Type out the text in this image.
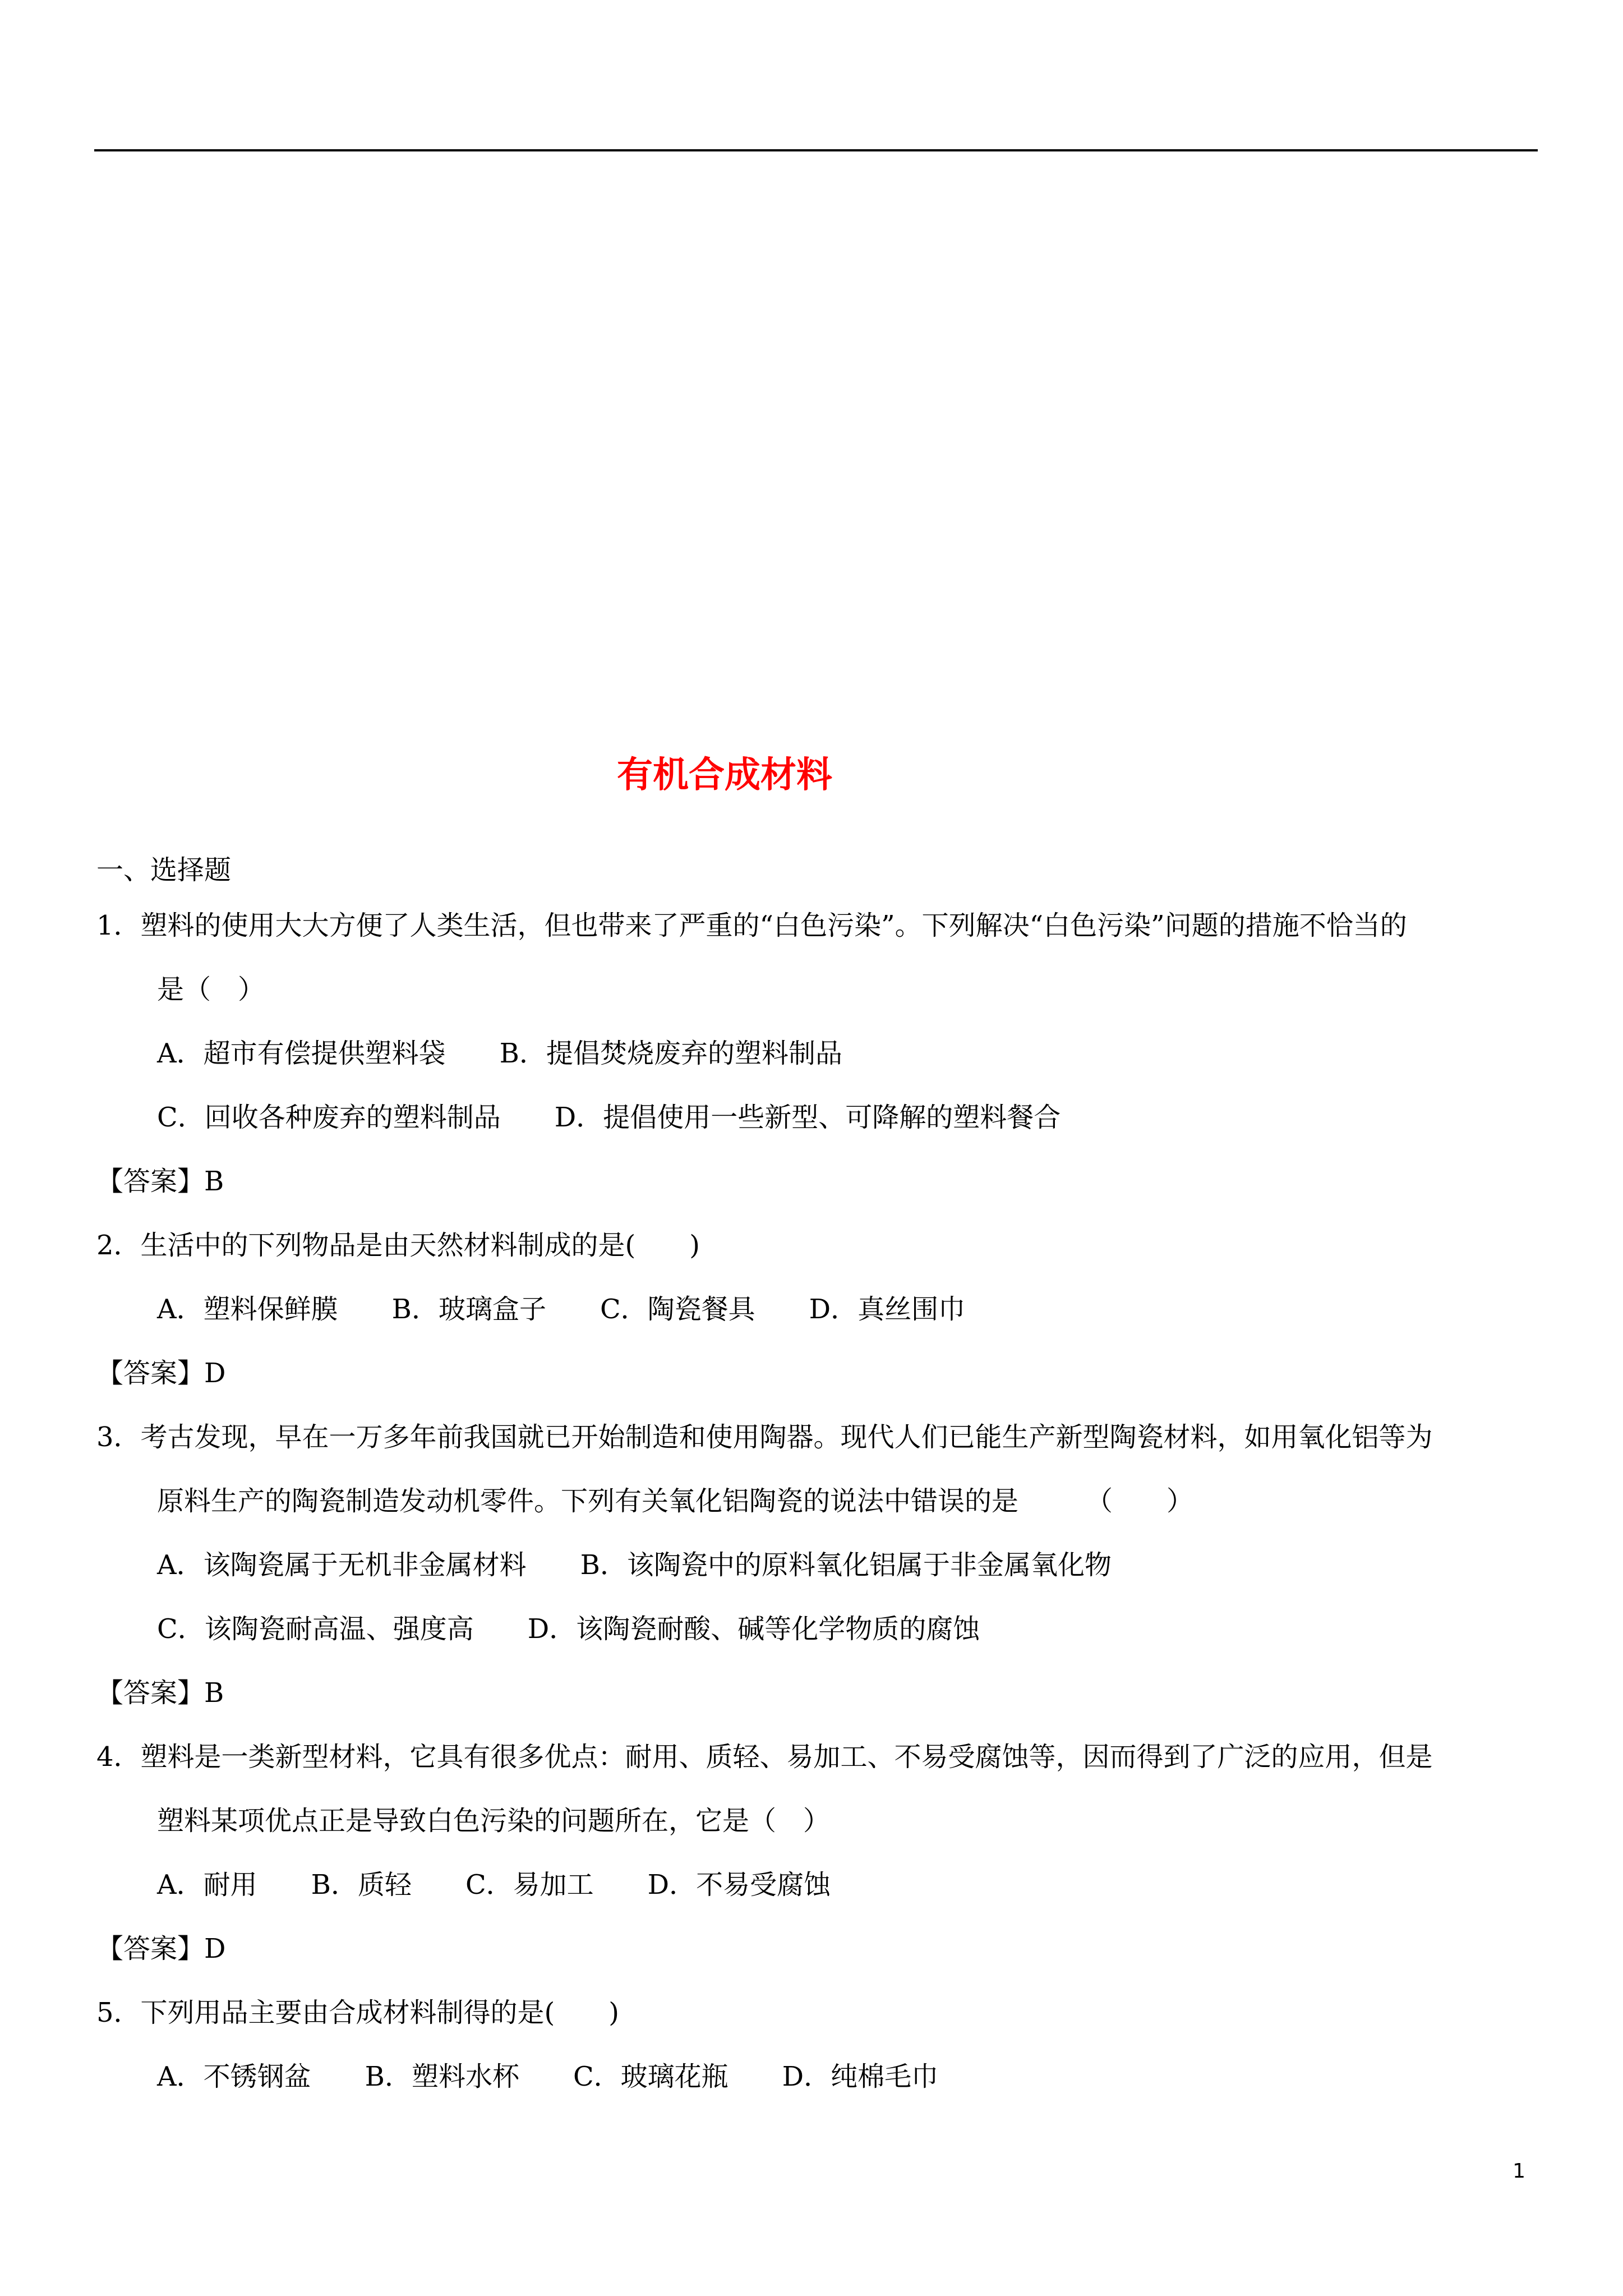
有机合成材料
一、选择题
1．塑料的使用大大方便了人类生活，但也带来了严重的“白色污染”。下列解决“白色污染”问题的措施不恰当的
是（　）
A．超市有偿提供塑料袋　　B．提倡焚烧废弃的塑料制品
C．回收各种废弃的塑料制品　　D．提倡使用一些新型、可降解的塑料餐合
【答案】B
2．生活中的下列物品是由天然材料制成的是(　　)
A．塑料保鲜膜　　B．玻璃盒子　　C．陶瓷餐具　　D．真丝围巾
【答案】D
3．考古发现，早在一万多年前我国就已开始制造和使用陶器。现代人们已能生产新型陶瓷材料，如用氧化铝等为
原料生产的陶瓷制造发动机零件。下列有关氧化铝陶瓷的说法中错误的是　　　（　　）
A．该陶瓷属于无机非金属材料　　B．该陶瓷中的原料氧化铝属于非金属氧化物
C．该陶瓷耐高温、强度高　　D．该陶瓷耐酸、碱等化学物质的腐蚀
【答案】B
4．塑料是一类新型材料，它具有很多优点：耐用、质轻、易加工、不易受腐蚀等，因而得到了广泛的应用，但是
塑料某项优点正是导致白色污染的问题所在，它是（　）
A．耐用　　B．质轻　　C．易加工　　D．不易受腐蚀
【答案】D
5．下列用品主要由合成材料制得的是(　　)
A．不锈钢盆　　B．塑料水杯　　C．玻璃花瓶　　D．纯棉毛巾
1
